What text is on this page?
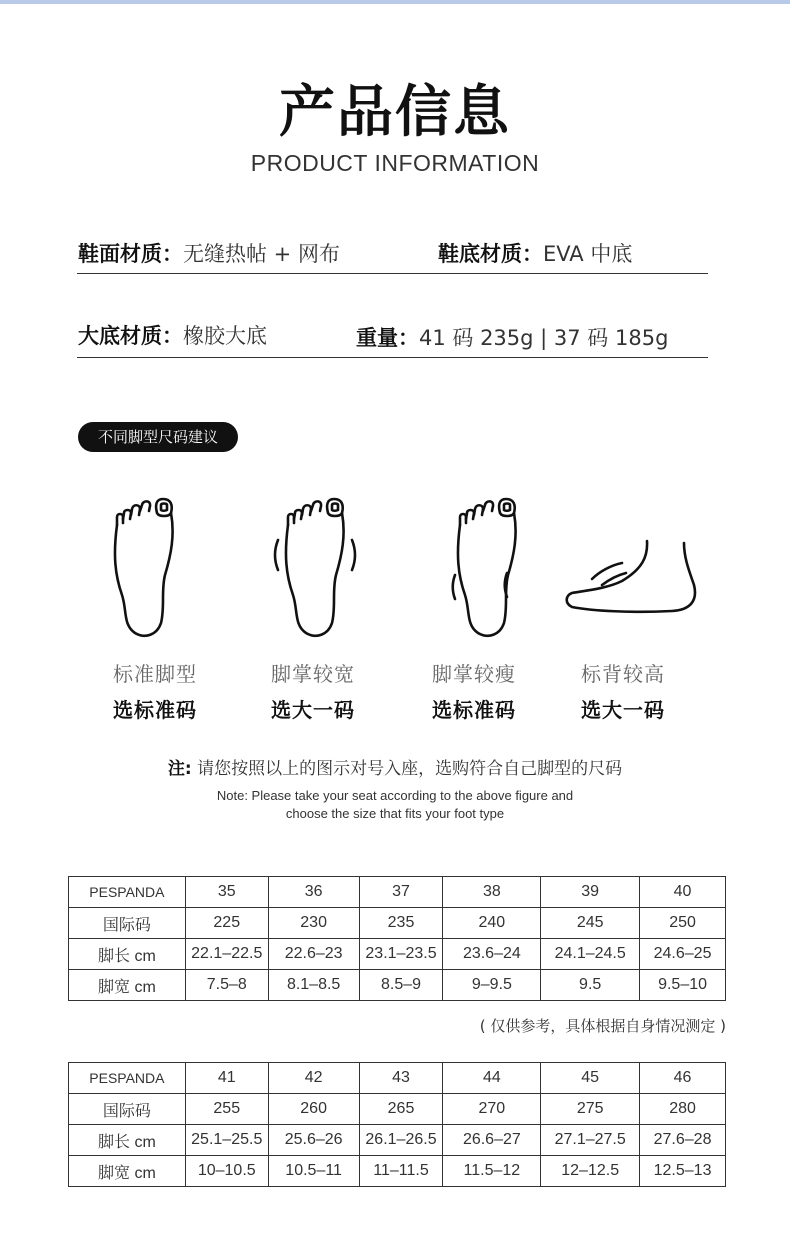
产品信息
PRODUCT INFORMATION
鞋面材质：无缝热帖 + 网布	鞋底材质：EVA 中底
大底材质：橡胶大底	重量：41 码 235g | 37 码 185g
不同脚型尺码建议
标准脚型
选标准码
脚掌较宽
选大一码
脚掌较瘦
选标准码
标背较高
选大一码
注: 请您按照以上的图示对号入座，选购符合自己脚型的尺码
Note: Please take your seat according to the above figure and
choose the size that fits your foot type
PESPANDA	35	36	37	38	39	40
国际码	225	230	235	240	245	250
脚长 cm	22.1–22.5	22.6–23	23.1–23.5	23.6–24	24.1–24.5	24.6–25
脚宽 cm	7.5–8	8.1–8.5	8.5–9	9–9.5	9.5	9.5–10
( 仅供参考，具体根据自身情况测定 )
PESPANDA	41	42	43	44	45	46
国际码	255	260	265	270	275	280
脚长 cm	25.1–25.5	25.6–26	26.1–26.5	26.6–27	27.1–27.5	27.6–28
脚宽 cm	10–10.5	10.5–11	11–11.5	11.5–12	12–12.5	12.5–13
